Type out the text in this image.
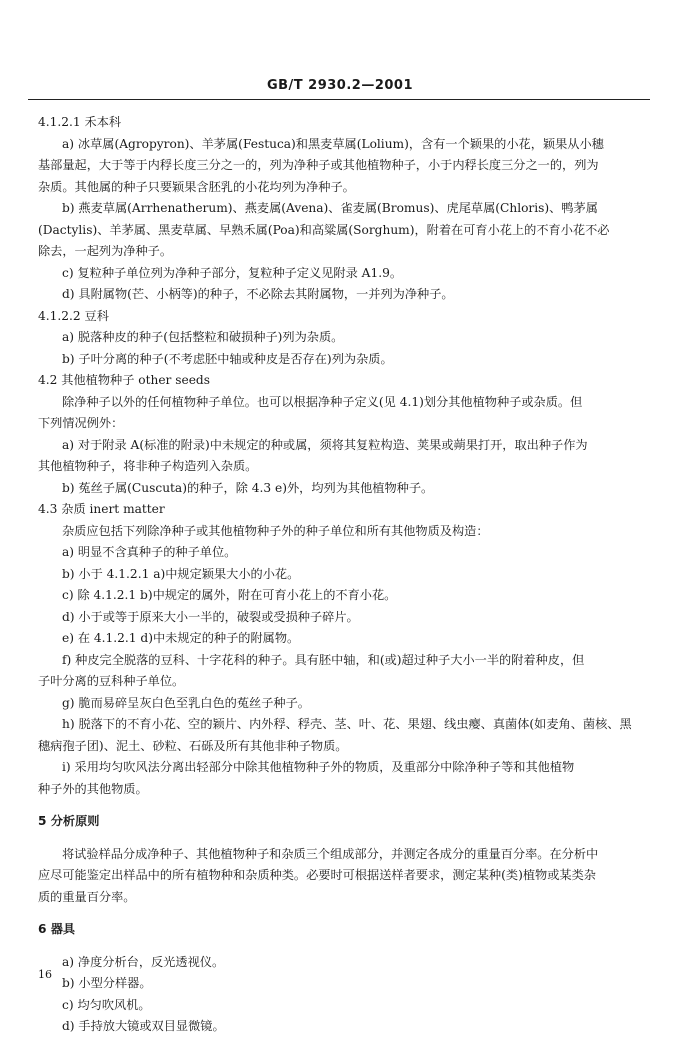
GB/T 2930.2—2001
4.1.2.1 禾本科
a) 冰草属(Agropyron)、羊茅属(Festuca)和黑麦草属(Lolium)，含有一个颖果的小花，颖果从小穗
基部量起，大于等于内稃长度三分之一的，列为净种子或其他植物种子，小于内稃长度三分之一的，列为
杂质。其他属的种子只要颖果含胚乳的小花均列为净种子。
b) 燕麦草属(Arrhenatherum)、燕麦属(Avena)、雀麦属(Bromus)、虎尾草属(Chloris)、鸭茅属
(Dactylis)、羊茅属、黑麦草属、早熟禾属(Poa)和高粱属(Sorghum)，附着在可育小花上的不育小花不必
除去，一起列为净种子。
c) 复粒种子单位列为净种子部分，复粒种子定义见附录 A1.9。
d) 具附属物(芒、小柄等)的种子，不必除去其附属物，一并列为净种子。
4.1.2.2 豆科
a) 脱落种皮的种子(包括整粒和破损种子)列为杂质。
b) 子叶分离的种子(不考虑胚中轴或种皮是否存在)列为杂质。
4.2 其他植物种子 other seeds
除净种子以外的任何植物种子单位。也可以根据净种子定义(见 4.1)划分其他植物种子或杂质。但
下列情况例外：
a) 对于附录 A(标准的附录)中未规定的种或属，须将其复粒构造、荚果或蒴果打开，取出种子作为
其他植物种子，将非种子构造列入杂质。
b) 菟丝子属(Cuscuta)的种子，除 4.3 e)外，均列为其他植物种子。
4.3 杂质 inert matter
杂质应包括下列除净种子或其他植物种子外的种子单位和所有其他物质及构造：
a) 明显不含真种子的种子单位。
b) 小于 4.1.2.1 a)中规定颖果大小的小花。
c) 除 4.1.2.1 b)中规定的属外，附在可育小花上的不育小花。
d) 小于或等于原来大小一半的，破裂或受损种子碎片。
e) 在 4.1.2.1 d)中未规定的种子的附属物。
f) 种皮完全脱落的豆科、十字花科的种子。具有胚中轴，和(或)超过种子大小一半的附着种皮，但
子叶分离的豆科种子单位。
g) 脆而易碎呈灰白色至乳白色的菟丝子种子。
h) 脱落下的不育小花、空的颖片、内外稃、稃壳、茎、叶、花、果翅、线虫瘿、真菌体(如麦角、菌核、黑
穗病孢子团)、泥土、砂粒、石砾及所有其他非种子物质。
i) 采用均匀吹风法分离出轻部分中除其他植物种子外的物质，及重部分中除净种子等和其他植物
种子外的其他物质。
5 分析原则
将试验样品分成净种子、其他植物种子和杂质三个组成部分，并测定各成分的重量百分率。在分析中
应尽可能鉴定出样品中的所有植物种和杂质种类。必要时可根据送样者要求，测定某种(类)植物或某类杂
质的重量百分率。
6 器具
a) 净度分析台，反光透视仪。
b) 小型分样器。
c) 均匀吹风机。
d) 手持放大镜或双目显微镜。
16
